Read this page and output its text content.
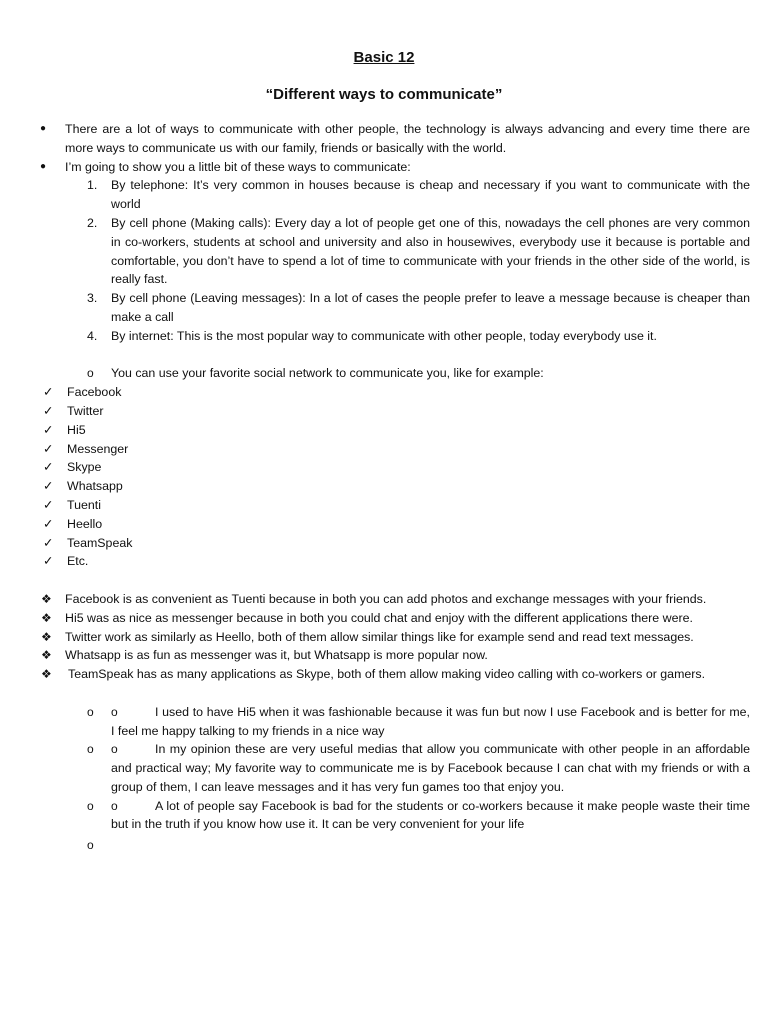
Basic 12
“Different ways to communicate”
● There are a lot of ways to communicate with other people, the technology is always advancing and every time there are more ways to communicate us with our family, friends or basically with the world.
● I’m going to show you a little bit of these ways to communicate:
1. By telephone: It’s very common in houses because is cheap and necessary if you want to communicate with the world
2. By cell phone (Making calls): Every day a lot of people get one of this, nowadays the cell phones are very common in co-workers, students at school and university and also in housewives, everybody use it because is portable and comfortable, you don’t have to spend a lot of time to communicate with your friends in the other side of the world, is really fast.
3. By cell phone (Leaving messages): In a lot of cases the people prefer to leave a message because is cheaper than make a call
4. By internet: This is the most popular way to communicate with other people, today everybody use it.
o You can use your favorite social network to communicate you, like for example:
✓ Facebook
✓ Twitter
✓ Hi5
✓ Messenger
✓ Skype
✓ Whatsapp
✓ Tuenti
✓ Heello
✓ TeamSpeak
✓ Etc.
❖ Facebook is as convenient as Tuenti because in both you can add photos and exchange messages with your friends.
❖ Hi5 was as nice as messenger because in both you could chat and enjoy with the different applications there were.
❖ Twitter work as similarly as Heello, both of them allow similar things like for example send and read text messages.
❖ Whatsapp is as fun as messenger was it, but Whatsapp is more popular now.
❖ TeamSpeak has as many applications as Skype, both of them allow making video calling with co-workers or gamers.
o o	I used to have Hi5 when it was fashionable because it was fun but now I use Facebook and is better for me, I feel me happy talking to my friends in a nice way
o o	In my opinion these are very useful medias that allow you communicate with other people in an affordable and practical way; My favorite way to communicate me is by Facebook because I can chat with my friends or with a group of them, I can leave messages and it has very fun games too that enjoy you.
o o	A lot of people say Facebook is bad for the students or co-workers because it make people waste their time but in the truth if you know how use it. It can be very convenient for your life
o
